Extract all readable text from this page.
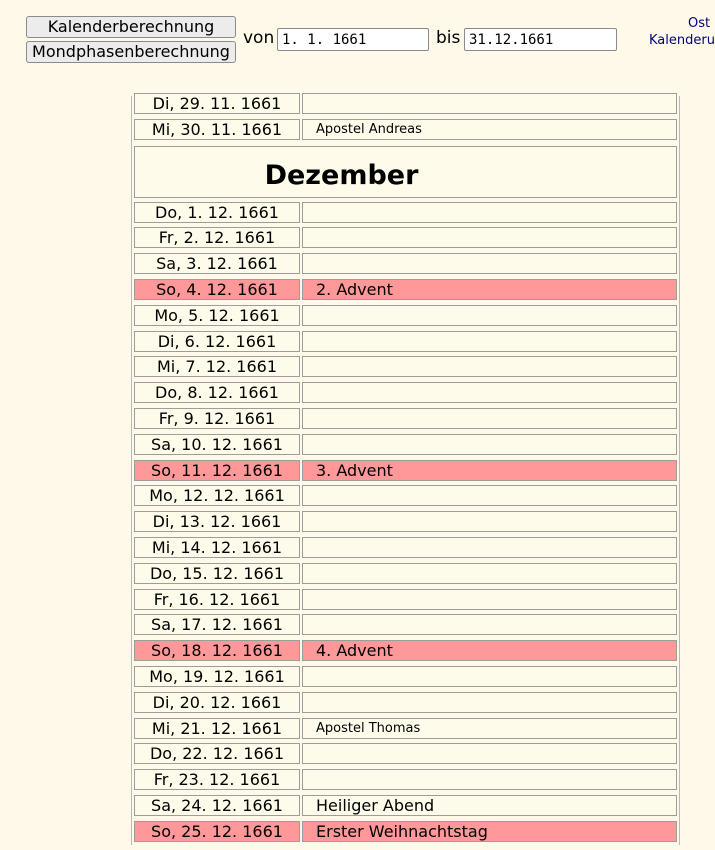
Kalenderberechnung
Mondphasenberechnung
von
1. 1. 1661	bis
31.12.1661
Ost
Kalenderu
Di, 29. 11. 1661
Mi, 30. 11. 1661	Apostel Andreas
Dezember
Do, 1. 12. 1661
Fr, 2. 12. 1661
Sa, 3. 12. 1661
So, 4. 12. 1661	2. Advent
Mo, 5. 12. 1661
Di, 6. 12. 1661
Mi, 7. 12. 1661
Do, 8. 12. 1661
Fr, 9. 12. 1661
Sa, 10. 12. 1661
So, 11. 12. 1661	3. Advent
Mo, 12. 12. 1661
Di, 13. 12. 1661
Mi, 14. 12. 1661
Do, 15. 12. 1661
Fr, 16. 12. 1661
Sa, 17. 12. 1661
So, 18. 12. 1661	4. Advent
Mo, 19. 12. 1661
Di, 20. 12. 1661
Mi, 21. 12. 1661	Apostel Thomas
Do, 22. 12. 1661
Fr, 23. 12. 1661
Sa, 24. 12. 1661	Heiliger Abend
So, 25. 12. 1661	Erster Weihnachtstag
